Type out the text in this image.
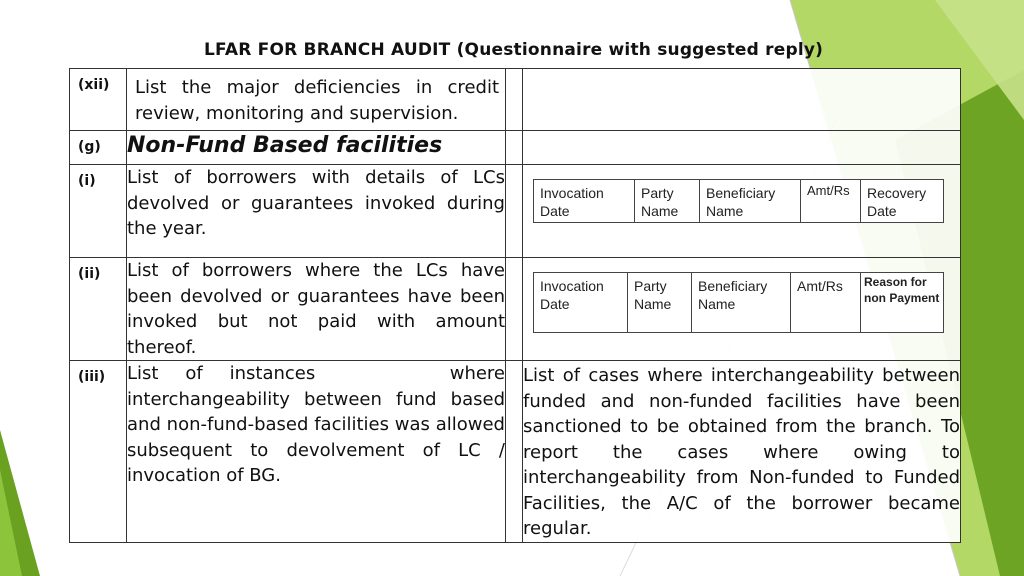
LFAR FOR BRANCH AUDIT (Questionnaire with suggested reply)
(xii)	List the major deficiencies in credit review, monitoring and supervision.		
(g)	Non-Fund Based facilities		
(i)	List of borrowers with details of LCs devolved or guarantees invoked during the year.		
Invocation Date	Party Name	Beneficiary Name	Amt/Rs	Recovery Date

(ii)	List of borrowers where the LCs have been devolved or guarantees have been invoked but not paid with amount thereof.		
Invocation Date	Party Name	Beneficiary Name	Amt/Rs	Reason for non Payment

(iii)	List of instances     where interchangeability between fund based and non-fund-based facilities was allowed subsequent to devolvement of LC / invocation of BG.		List of cases where interchangeability between funded and non-funded facilities have been sanctioned to be obtained from the branch. To report the cases where owing to interchangeability from Non-funded to Funded Facilities, the A/C of the borrower became regular.
